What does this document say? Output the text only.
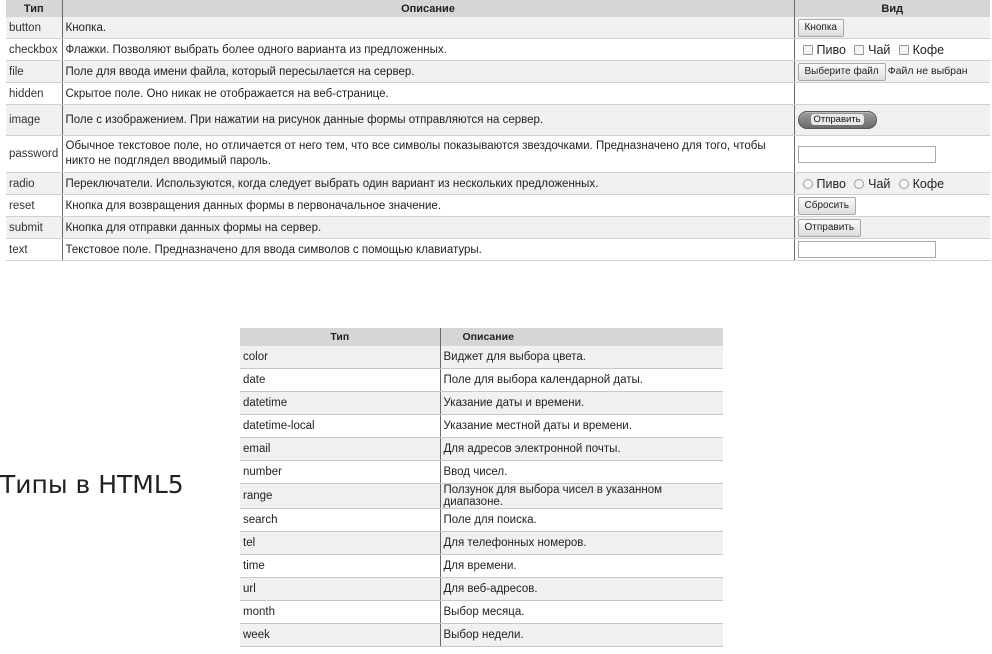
Тип	Описание	Вид
button	Кнопка.	Кнопка
checkbox	Флажки. Позволяют выбрать более одного варианта из предложенных.	Пиво Чай Кофе
file	Поле для ввода имени файла, который пересылается на сервер.	Выберите файл Файл не выбран
hidden	Скрытое поле. Оно никак не отображается на веб-странице.	
image	Поле с изображением. При нажатии на рисунок данные формы отправляются на сервер.	Отправить
password	Обычное текстовое поле, но отличается от него тем, что все символы показываются звездочками. Предназначено для того, чтобы никто не подглядел вводимый пароль.	
radio	Переключатели. Используются, когда следует выбрать один вариант из нескольких предложенных.	Пиво Чай Кофе
reset	Кнопка для возвращения данных формы в первоначальное значение.	Сбросить
submit	Кнопка для отправки данных формы на сервер.	Отправить
text	Текстовое поле. Предназначено для ввода символов с помощью клавиатуры.	
Типы в HTML5
Тип	Описание
color	Виджет для выбора цвета.
date	Поле для выбора календарной даты.
datetime	Указание даты и времени.
datetime-local	Указание местной даты и времени.
email	Для адресов электронной почты.
number	Ввод чисел.
range	Ползунок для выбора чисел в указанном диапазоне.
search	Поле для поиска.
tel	Для телефонных номеров.
time	Для времени.
url	Для веб-адресов.
month	Выбор месяца.
week	Выбор недели.
